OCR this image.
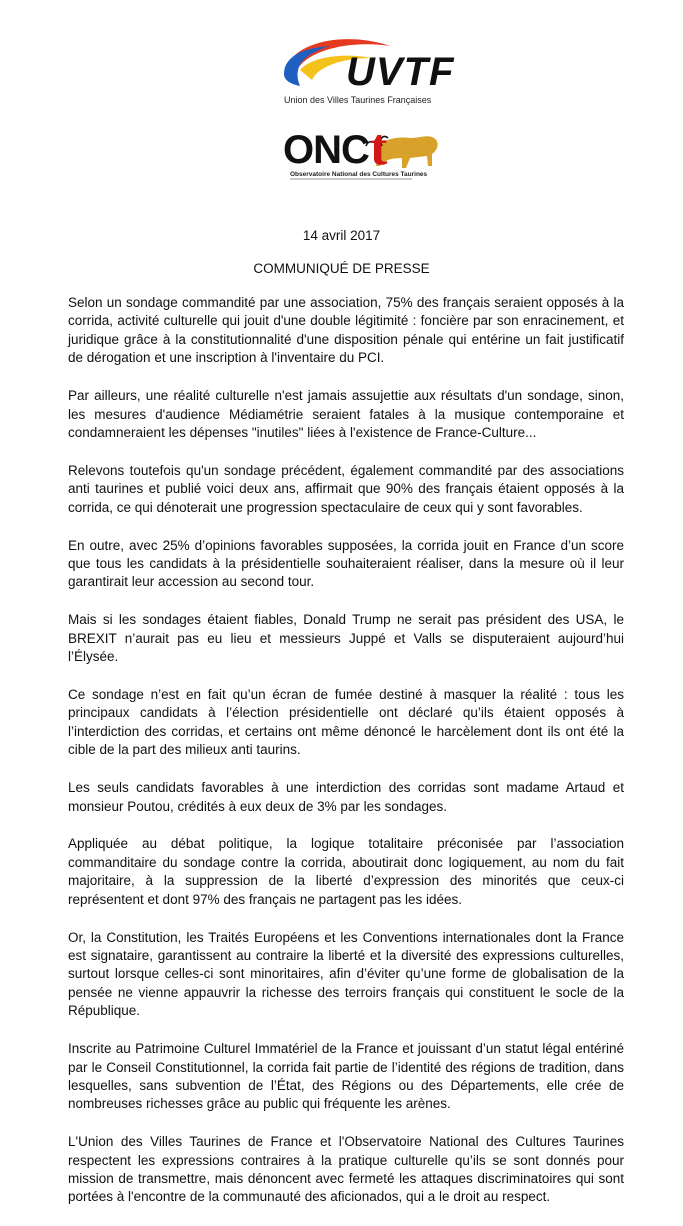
UVTF
Union des Villes Taurines Françaises
ONC t
Observatoire National des Cultures Taurines
14 avril 2017
COMMUNIQUÉ DE PRESSE

Selon un sondage commandité par une association, 75% des français seraient opposés à la corrida, activité culturelle qui jouit d'une double légitimité : foncière par son enracinement, et juridique grâce à la constitutionnalité d'une disposition pénale qui entérine un fait justificatif de dérogation et une inscription à l'inventaire du PCI.

Par ailleurs, une réalité culturelle n'est jamais assujettie aux résultats d'un sondage, sinon, les mesures d'audience Médiamétrie seraient fatales à la musique contemporaine et condamneraient les dépenses "inutiles" liées à l'existence de France-Culture...

Relevons toutefois qu'un sondage précédent, également commandité par des associations anti taurines et publié voici deux ans, affirmait que 90% des français étaient opposés à la corrida, ce qui dénoterait une progression spectaculaire de ceux qui y sont favorables.

En outre, avec 25% d’opinions favorables supposées, la corrida jouit en France d’un score que tous les candidats à la présidentielle souhaiteraient réaliser, dans la mesure où il leur garantirait leur accession au second tour.

Mais si les sondages étaient fiables, Donald Trump ne serait pas président des USA, le BREXIT n’aurait pas eu lieu et messieurs Juppé et Valls se disputeraient aujourd’hui l’Élysée.

Ce sondage n’est en fait qu’un écran de fumée destiné à masquer la réalité : tous les principaux candidats à l’élection présidentielle ont déclaré qu’ils étaient opposés à l’interdiction des corridas, et certains ont même dénoncé le harcèlement dont ils ont été la cible de la part des milieux anti taurins.

Les seuls candidats favorables à une interdiction des corridas sont madame Artaud et monsieur Poutou, crédités à eux deux de 3% par les sondages.

Appliquée au débat politique, la logique totalitaire préconisée par l’association commanditaire du sondage contre la corrida, aboutirait donc logiquement, au nom du fait majoritaire, à la suppression de la liberté d’expression des minorités que ceux-ci représentent et dont 97% des français ne partagent pas les idées.

Or, la Constitution, les Traités Européens et les Conventions internationales dont la France est signataire, garantissent au contraire la liberté et la diversité des expressions culturelles, surtout lorsque celles-ci sont minoritaires, afin d’éviter qu’une forme de globalisation de la pensée ne vienne appauvrir la richesse des terroirs français qui constituent le socle de la République.

Inscrite au Patrimoine Culturel Immatériel de la France et jouissant d’un statut légal entériné par le Conseil Constitutionnel, la corrida fait partie de l’identité des régions de tradition, dans lesquelles, sans subvention de l’État, des Régions ou des Départements, elle crée de nombreuses richesses grâce au public qui fréquente les arènes.

L'Union des Villes Taurines de France et l'Observatoire National des Cultures Taurines respectent les expressions contraires à la pratique culturelle qu’ils se sont donnés pour mission de transmettre, mais dénoncent avec fermeté les attaques discriminatoires qui sont portées à l'encontre de la communauté des aficionados, qui a le droit au respect.
